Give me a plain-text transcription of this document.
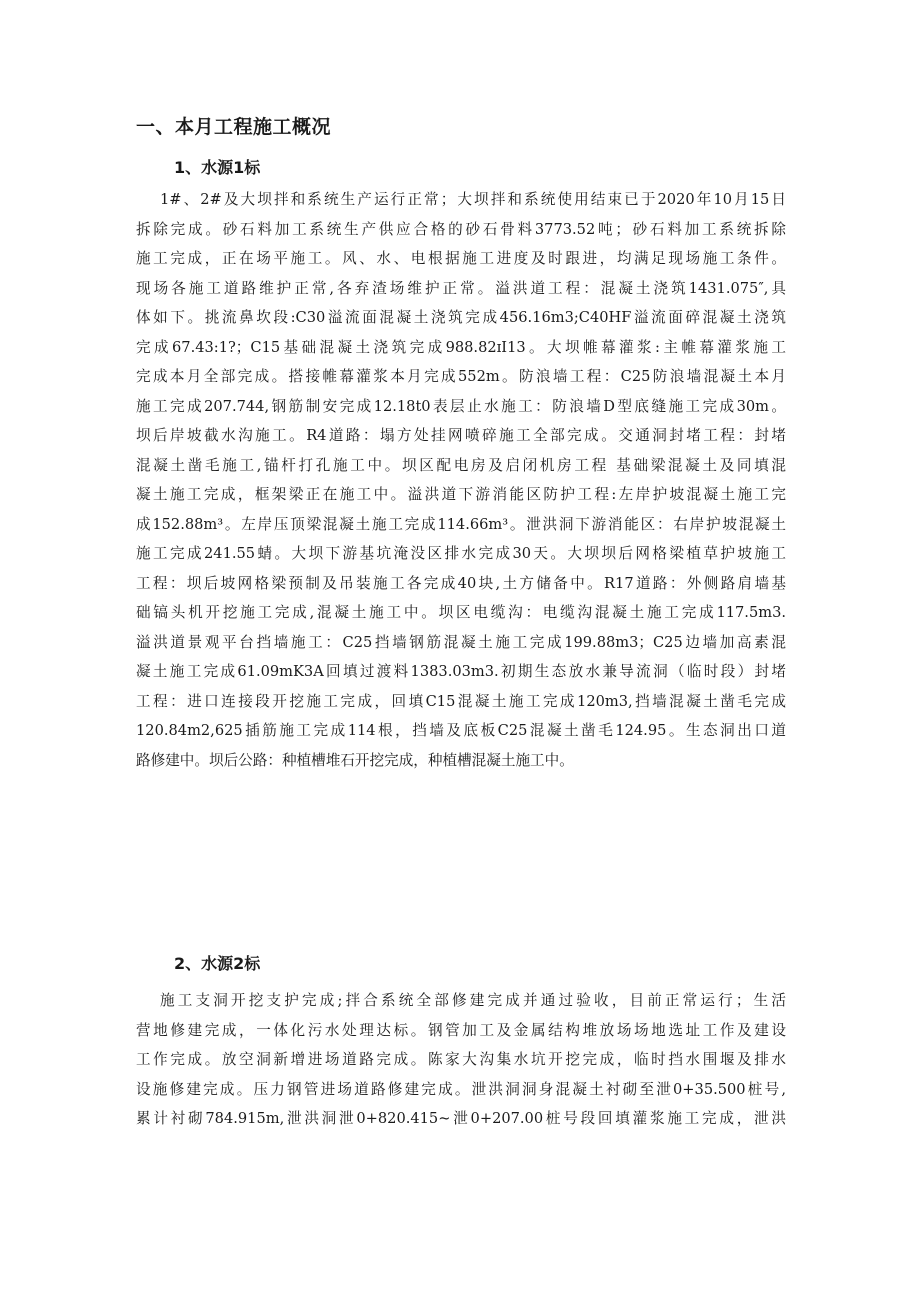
一、本月工程施工概况
1、水源1标
1#、2#及大坝拌和系统生产运行正常；大坝拌和系统使用结束已于2020年10月15日
拆除完成。砂石料加工系统生产供应合格的砂石骨料3773.52吨；砂石料加工系统拆除
施工完成，正在场平施工。风、水、电根据施工进度及时跟进，均满足现场施工条件。
现场各施工道路维护正常,各弃渣场维护正常。溢洪道工程：混凝土浇筑1431.075″,具
体如下。挑流鼻坎段:C30溢流面混凝土浇筑完成456.16m3;C40HF溢流面碎混凝土浇筑
完成67.43:1?；C15基础混凝土浇筑完成988.82ɪI13。大坝帷幕灌浆:主帷幕灌浆施工
完成本月全部完成。搭接帷幕灌浆本月完成552m。防浪墙工程：C25防浪墙混凝土本月
施工完成207.744,钢筋制安完成12.18t0表层止水施工：防浪墙D型底缝施工完成30m。
坝后岸坡截水沟施工。R4道路：塌方处挂网喷碎施工全部完成。交通洞封堵工程：封堵
混凝土凿毛施工,锚杆打孔施工中。坝区配电房及启闭机房工程 基础梁混凝土及同填混
凝土施工完成，框架梁正在施工中。溢洪道下游消能区防护工程:左岸护坡混凝土施工完
成152.88m³。左岸压顶梁混凝土施工完成114.66m³。泄洪洞下游消能区：右岸护坡混凝土
施工完成241.55蜻。大坝下游基坑淹没区排水完成30天。大坝坝后网格梁植草护坡施工
工程：坝后坡网格梁预制及吊装施工各完成40块,土方储备中。R17道路：外侧路肩墙基
础镐头机开挖施工完成,混凝土施工中。坝区电缆沟：电缆沟混凝土施工完成117.5m3.
溢洪道景观平台挡墙施工：C25挡墙钢筋混凝土施工完成199.88m3；C25边墙加高素混
凝土施工完成61.09mK3A回填过渡料1383.03m3.初期生态放水兼导流洞（临时段）封堵
工程：进口连接段开挖施工完成，回填C15混凝土施工完成120m3,挡墙混凝土凿毛完成
120.84m2,625插筋施工完成114根，挡墙及底板C25混凝土凿毛124.95。生态洞出口道
路修建中。坝后公路：种植槽堆石开挖完成，种植槽混凝土施工中。
2、水源2标
施工支洞开挖支护完成;拌合系统全部修建完成并通过验收，目前正常运行；生活
营地修建完成，一体化污水处理达标。钢管加工及金属结构堆放场场地选址工作及建设
工作完成。放空洞新增进场道路完成。陈家大沟集水坑开挖完成，临时挡水围堰及排水
设施修建完成。压力钢管进场道路修建完成。泄洪洞洞身混凝土衬砌至泄0+35.500桩号,
累计衬砌784.915m,泄洪洞泄0+820.415~泄0+207.00桩号段回填灌浆施工完成，泄洪
